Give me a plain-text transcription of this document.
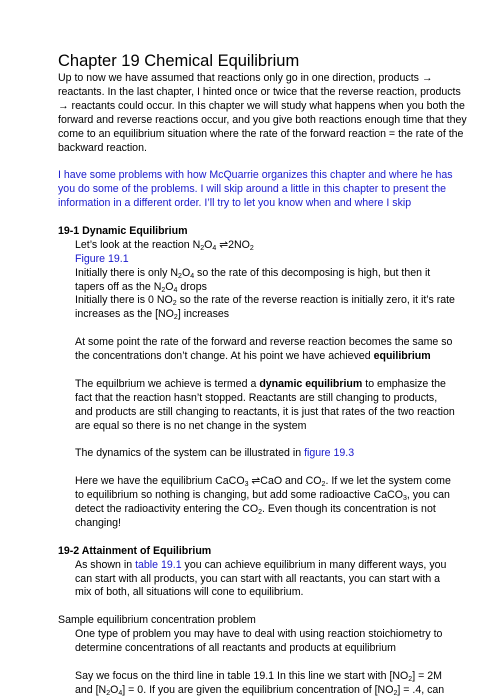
Chapter 19 Chemical Equilibrium

Up to now we have assumed that reactions only go in one direction, products →

reactants. In the last chapter, I hinted once or twice that the reverse reaction, products

→ reactants could occur. In this chapter we will study what happens when you both the

forward and reverse reactions occur, and you give both reactions enough time that they

come to an equilibrium situation where the rate of the forward reaction = the rate of the

backward reaction.

I have some problems with how McQuarrie organizes this chapter and where he has

you do some of the problems. I will skip around a little in this chapter to present the

information in a different order. I’ll try to let you know when and where I skip

19-1 Dynamic Equilibrium

Let’s look at the reaction $N_2O_4$ $\rightleftharpoons 2NO_2$

Figure 19.1

Initially there is only $N_2O_4$ so the rate of this decomposing is high, but then it

tapers off as the $N_2O_4$ drops

Initially there is 0 $NO_2$ so the rate of the reverse reaction is initially zero, it it’s rate

increases as the $[NO_2]$ increases

At some point the rate of the forward and reverse reaction becomes the same so

the concentrations don’t change. At his point we have achieved equilibrium

The equilbrium we achieve is termed a dynamic equilibrium to emphasize the

fact that the reaction hasn’t stopped. Reactants are still changing to products,

and products are still changing to reactants, it is just that rates of the two reaction

are equal so there is no net change in the system

The dynamics of the system can be illustrated in figure 19.3

Here we have the equilibrium CaCO$_3$ ⇌CaO and $CO_2$. If we let the system come

to equilibrium so nothing is changing, but add some radioactive CaCO$_3$, you can

detect the radioactivity entering the $CO_2$. Even though its concentration is not

changing!

19-2 Attainment of Equilibrium

As shown in table 19.1 you can achieve equilibrium in many different ways, you

can start with all products, you can start with all reactants, you can start with a

mix of both, all situations will cone to equilibrium.

Sample equilibrium concentration problem

One type of problem you may have to deal with using reaction stoichiometry to

determine concentrations of all reactants and products at equilibrium

Say we focus on the third line in table 19.1 In this line we start with $[NO_2] = 2M$

and $[N_2O_4] = 0$. If you are given the equilibrium concentration of $[NO_2] = .4$, can
